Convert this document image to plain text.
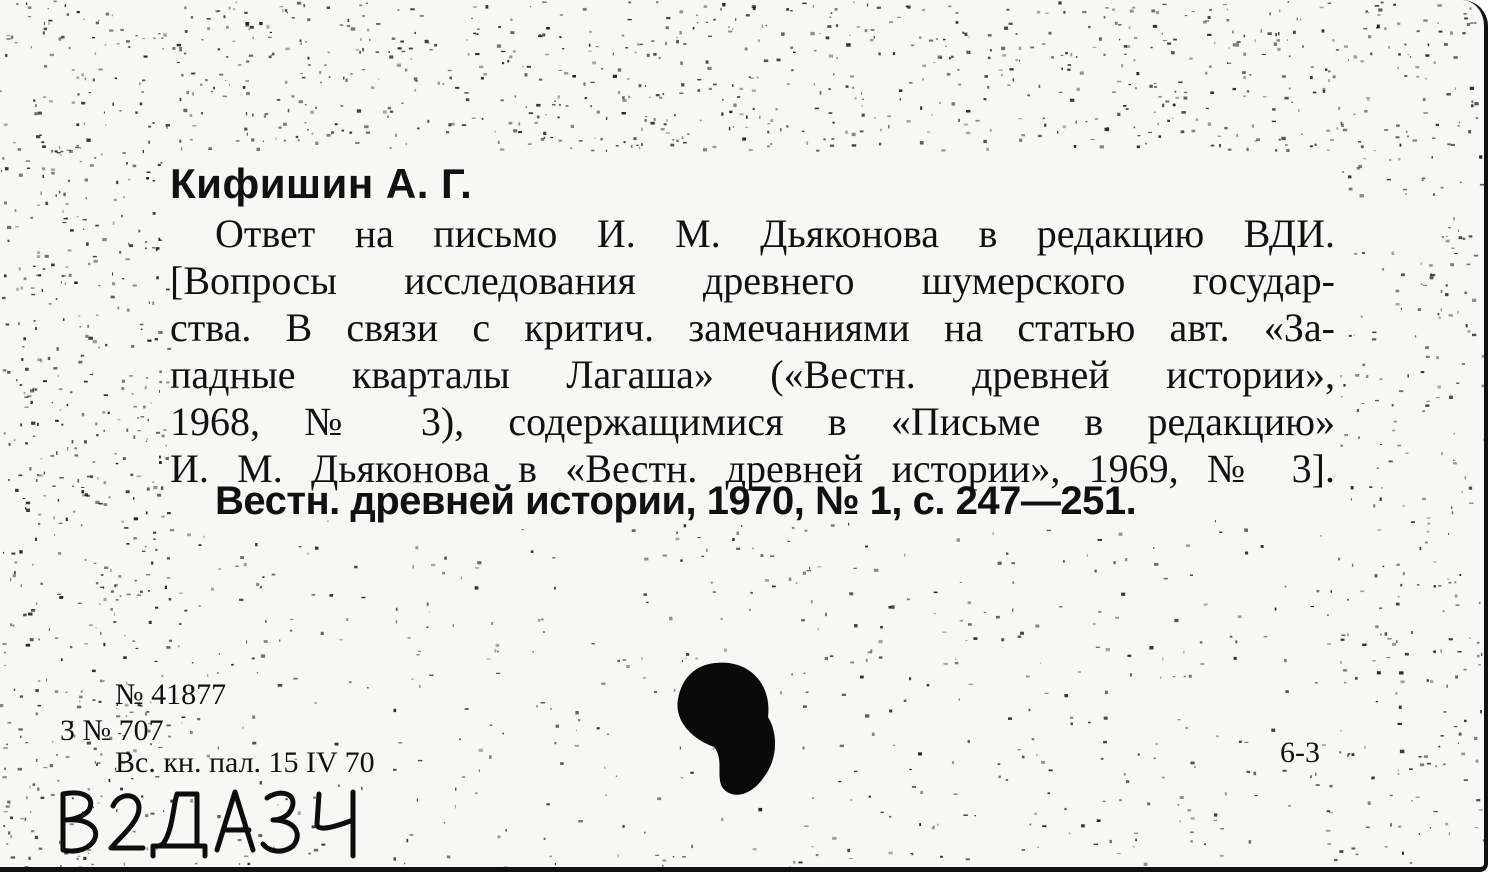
Кифишин А. Г.
Ответ на письмо И. М. Дьяконова в редакцию ВДИ.
[Вопросы исследования древнего шумерского государ-
ства. В связи с критич. замечаниями на статью авт. «За-
падные кварталы Лагаша» («Вестн. древней истории»,
1968, № 3), содержащимися в «Письме в редакцию»
И. М. Дьяконова в «Вестн. древней истории», 1969, № 3].
Вестн. древней истории, 1970, № 1, с. 247—251.
№ 41877
3 № 707
Вс. кн. пал. 15 IV 70	6-3
